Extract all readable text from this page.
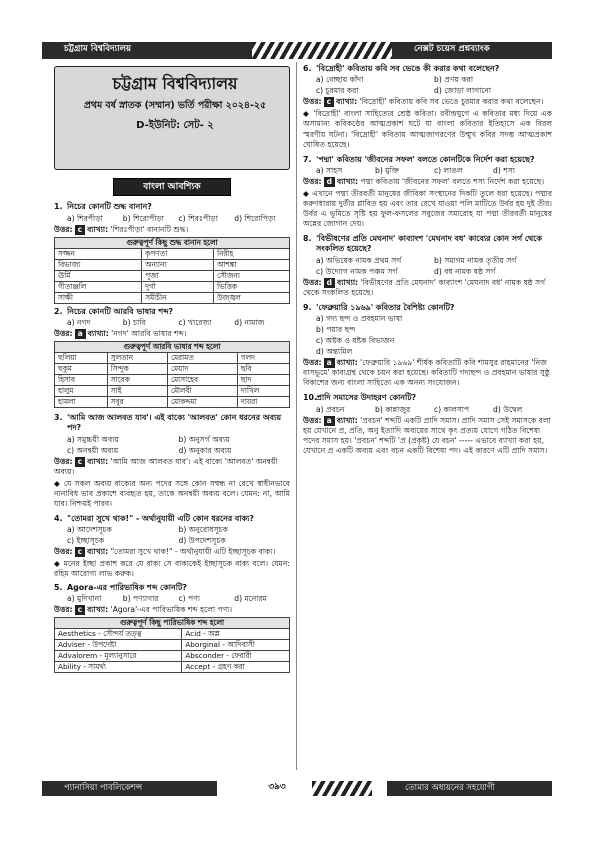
চট্টগ্রাম বিশ্ববিদ্যালয়	নেক্সট চয়েস প্রশ্নব্যাংক
চট্টগ্রাম বিশ্ববিদ্যালয়
প্রথম বর্ষ স্নাতক (সম্মান) ভর্তি পরীক্ষা ২০২৪-২৫
D-ইউনিট: সেট- ২
বাংলা আবশ্যিক
1. নিচের কোনটি শুদ্ধ বানান?
a) শিরপীড়া	b) শিরোপীড়া	c) শিরঃপীড়া	d) শিরোপিড়া
উত্তর: c ব্যাখ্যা: 'শিরঃপীড়া' বানানটি শুদ্ধ।
গুরুত্বপূর্ণ কিছু শুদ্ধ বানান হলো		
সজ্জন	কৃপণতা	নিরীহ
বিভাজ্য	অন্যান্য	আশঙ্কা
ঊর্মি	পূজা	সৌজন্য
গীতাঞ্জলি	দুর্গা	ভিত্তিক
সাক্ষী	সমীচীন	উজ্জ্বল
2. নিচের কোনটি আরবি ভাষার শব্দ?
a) নগদ	b) চাবি	c) খারেজা	d) নামাজ
উত্তর: a ব্যাখ্যা: 'নগদ' আরবি ভাষার শব্দ।
গুরুত্বপূর্ণ আরবি ভাষার শব্দ হলো			
হুলিয়া	সুলতান	মেরামত	গলদ
হুকুম	সিন্দুক	মেয়াদ	ছবি
হিসাব	সাবেক	মোসাহেব	ছাদ
হালুম	সাই	মৌলবী	দাখিল
হামলা	সবুর	মোকদ্দমা	দায়রা
3. 'আমি আজ আলবত যাব'। এই বাক্যে 'আলবত' কোন ধরনের অব্যয় পদ?
a) সমুচ্চয়ী অব্যয়	b) অনুসর্গ অব্যয়
c) অনন্বয়ী অব্যয়	d) অনুকার অব্যয়
উত্তর: c ব্যাখ্যা: 'আমি আজ আলবত যাব'। এই বাক্যে 'আলবত' অনন্বয়ী অব্যয়।
◆ যে সকল অব্যয় বাক্যের অন্য পদের সঙ্গে কোন সম্বন্ধ না রেখে স্বাধীনভাবে নানাবিধ ভাব প্রকাশে ব্যবহৃত হয়, তাকে অনন্বয়ী অব্যয় বলে। যেমন: না, আমি যাব। নিশ্চয়ই পারব।
4. "তোমরা সুখে থাক!" - অর্থানুযায়ী এটি কোন ধরনের বাক্য?
a) আদেশসূচক	b) অনুরোধসূচক
c) ইচ্ছাসূচক	d) উপদেশসূচক
উত্তর: c ব্যাখ্যা: "তোমরা সুখে থাক!" - অর্থানুযায়ী এটি ইচ্ছাসূচক বাক্য।
◆ মনের ইচ্ছা প্রকাশ করে যে বাক্য সে বাক্যকেই ইচ্ছাসূচক বাক্য বলে। যেমন: রহিম আরোগ্য লাভ করুক।
5. Agora-এর পারিভাষিক শব্দ কোনটি?
a) মুদিখানা	b) পণ্যাগার	c) পণ্য	d) মনোরম
উত্তর: c ব্যাখ্যা: 'Agora'-এর পারিভাষিক শব্দ হলো পণ্য।
গুরুত্বপূর্ণ কিছু পারিভাষিক শব্দ হলো	
Aesthetics - সৌন্দর্য তত্ত্ব	Acid - অম্ল
Adviser - উপদেষ্টা	Aborginal - আদিবাসী
Advalorem - মূল্যানুসারে	Absconder - ফেরারী
Ability - সামর্থ্য	Accept - গ্রহণ করা
6. 'বিদ্রোহী' কবিতায় কবি সব ভেঙে কী করার কথা বলেছেন?
a) বেচ্ছায় কাঁদা	b) প্রণয় করা
c) চুরমার করা	d) জোড়া লাগানো
উত্তর: c ব্যাখ্যা: 'বিদ্রোহী' কবিতায় কবি সব ভেঙে চুরমার করার কথা বলেছেন।
◆ 'বিদ্রোহী' বাংলা সাহিত্যের শ্রেষ্ঠ কবিতা। রবীন্দ্রযুগে এ কবিতার মধ্য দিয়ে এক অসামান্য কবিকণ্ঠের আত্মপ্রকাশ ঘটে যা বাংলা কবিতার ইতিহাসে এক বিরল স্মরণীয় ঘটনা। 'বিদ্রোহী' কবিতায় আত্মজাগরণের উন্মুখ কবির সদম্ভ আত্মপ্রকাশ ঘোষিত হয়েছে।
7. 'পদ্মা' কবিতায় 'জীবনের সফল' বলতে কোনটিকে নির্দেশ করা হয়েছে?
a) সাহস	b) মুক্তি	c) লাঙল	d) শস্য
উত্তর: d ব্যাখ্যা: পদ্মা কবিতায় 'জীবনের সফল' বলতে শস্য নির্দেশ করা হয়েছে।
◆ এখানে পদ্মা তীরবর্তী মানুষের জীবিকা সংস্থানের দিকটি তুলে ধরা হয়েছে। পদ্মার করুণধারায় দুর্তীর প্লাবিত হয় এবং তার রেখে যাওয়া পলি মাটিতে উর্বর হয় দুই তীর। উর্বর এ ভূমিতে সৃষ্টি হয় ফুল-ফসলের সবুজের সমারোহ যা পদ্মা তীরবর্তী মানুষের অন্নের জোগান দেয়।
8. 'বিভীষণের প্রতি মেঘনাদ' কাব্যাংশ 'মেঘনাদ বধ' কাব্যের কোন সর্গ থেকে সংকলিত হয়েছে?
a) অভিষেক নামক প্রথম সর্গ	b) সমাগম নামক তৃতীয় সর্গ
c) উদ্যোগ নামক পঞ্চম সর্গ	d) বধ নামক ষষ্ঠ সর্গ
উত্তর: d ব্যাখ্যা: 'বিভীষণের প্রতি মেঘনাদ' কাব্যাংশ 'মেঘনাদ বধ' নামক ষষ্ঠ সর্গ থেকে সংকলিত হয়েছে।
9. 'ফেব্রুয়ারি ১৯৬৯' কবিতার বৈশিষ্ট্য কোনটি?
a) গদ্য ছন্দ ও প্রবহমান ভাষা
b) পয়ার ছন্দ
c) অষ্টক ও ষষ্টক বিভাজন
d) অন্ত্যমিল
উত্তর: a ব্যাখ্যা: 'ফেব্রুয়ারি ১৯৬৯' শীর্ষক কবিতাটি কবি শামসুর রাহমানের 'নিজ বাসভূমে' কাব্যগ্রন্থ থেকে চয়ন করা হয়েছে। কবিতাটি গদ্যছন্দ ও প্রবহমান ভাষার সুষ্ঠু বিকাশের জন্য বাংলা সাহিত্যে এক অনন্য সংযোজন।
10.প্রাদি সমাসের উদাহরণ কোনটি?
a) প্রবচন	b) কান্নাজুর	c) কালসাপ	d) উদ্বেল
উত্তর: a ব্যাখ্যা: 'প্রবচন' শব্দটি একটি প্রাদি সমাস। প্রাদি সমাস সেই সমাসকে বলা হয় যেখানে প্র, প্রতি, অনু ইত্যাদি অব্যয়ের সাথে কৃৎ প্রত্যয় যোগে গঠিত বিশেষ্য পদের সমাস হয়। 'প্রবচন' শব্দটি 'প্র (প্রকৃষ্ট) যে বচন' ----- এভাবে ব্যাখ্যা করা হয়, যেখানে প্র একটি অব্যয় এবং বচন একটি বিশেষ্য পদ। এই কারণে এটি প্রাদি সমাস।
প্যানাসিয়া পাবলিকেশন্স	৩৯৩	তোমার অধ্যয়নের সহযোগী
